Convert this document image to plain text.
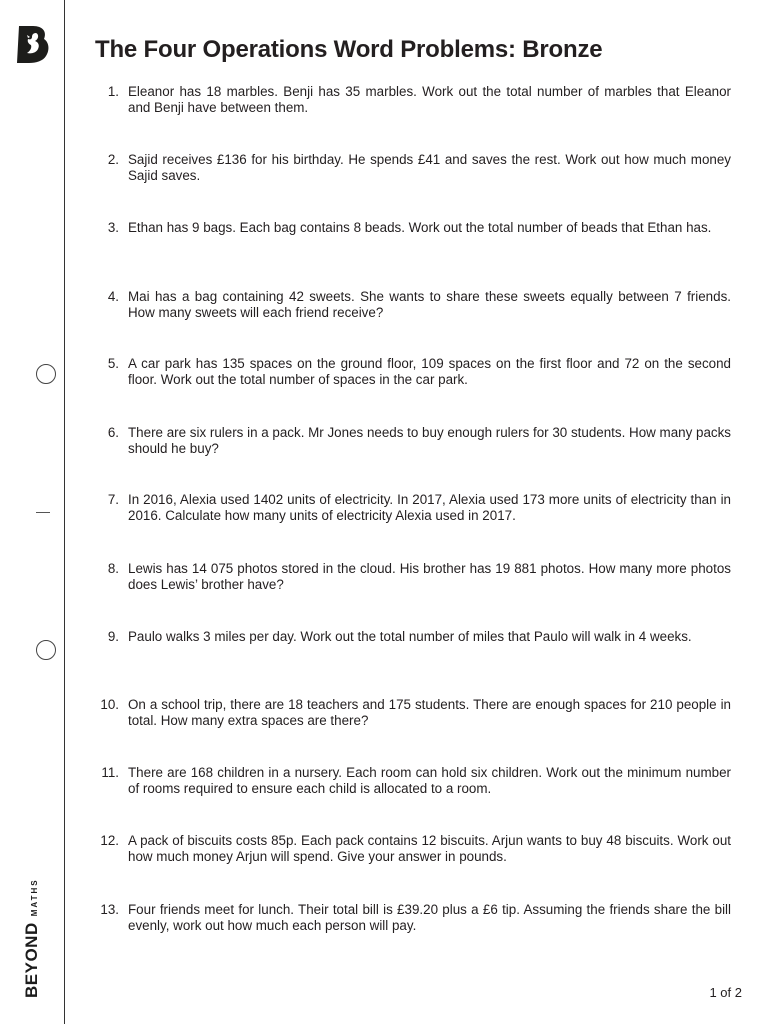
BEYOND
MATHS
The Four Operations Word Problems: Bronze
1. Eleanor has 18 marbles. Benji has 35 marbles. Work out the total number of marbles that Eleanor and Benji have between them.
2. Sajid receives £136 for his birthday. He spends £41 and saves the rest. Work out how much money Sajid saves.
3. Ethan has 9 bags. Each bag contains 8 beads. Work out the total number of beads that Ethan has.
4. Mai has a bag containing 42 sweets. She wants to share these sweets equally between 7 friends. How many sweets will each friend receive?
5. A car park has 135 spaces on the ground floor, 109 spaces on the first floor and 72 on the second floor. Work out the total number of spaces in the car park.
6. There are six rulers in a pack. Mr Jones needs to buy enough rulers for 30 students. How many packs should he buy?
7. In 2016, Alexia used 1402 units of electricity. In 2017, Alexia used 173 more units of electricity than in 2016. Calculate how many units of electricity Alexia used in 2017.
8. Lewis has 14 075 photos stored in the cloud. His brother has 19 881 photos. How many more photos does Lewis’ brother have?
9. Paulo walks 3 miles per day. Work out the total number of miles that Paulo will walk in 4 weeks.
10. On a school trip, there are 18 teachers and 175 students. There are enough spaces for 210 people in total. How many extra spaces are there?
11. There are 168 children in a nursery. Each room can hold six children. Work out the minimum number of rooms required to ensure each child is allocated to a room.
12. A pack of biscuits costs 85p. Each pack contains 12 biscuits. Arjun wants to buy 48 biscuits. Work out how much money Arjun will spend. Give your answer in pounds.
13. Four friends meet for lunch. Their total bill is £39.20 plus a £6 tip. Assuming the friends share the bill evenly, work out how much each person will pay.
1 of 2
